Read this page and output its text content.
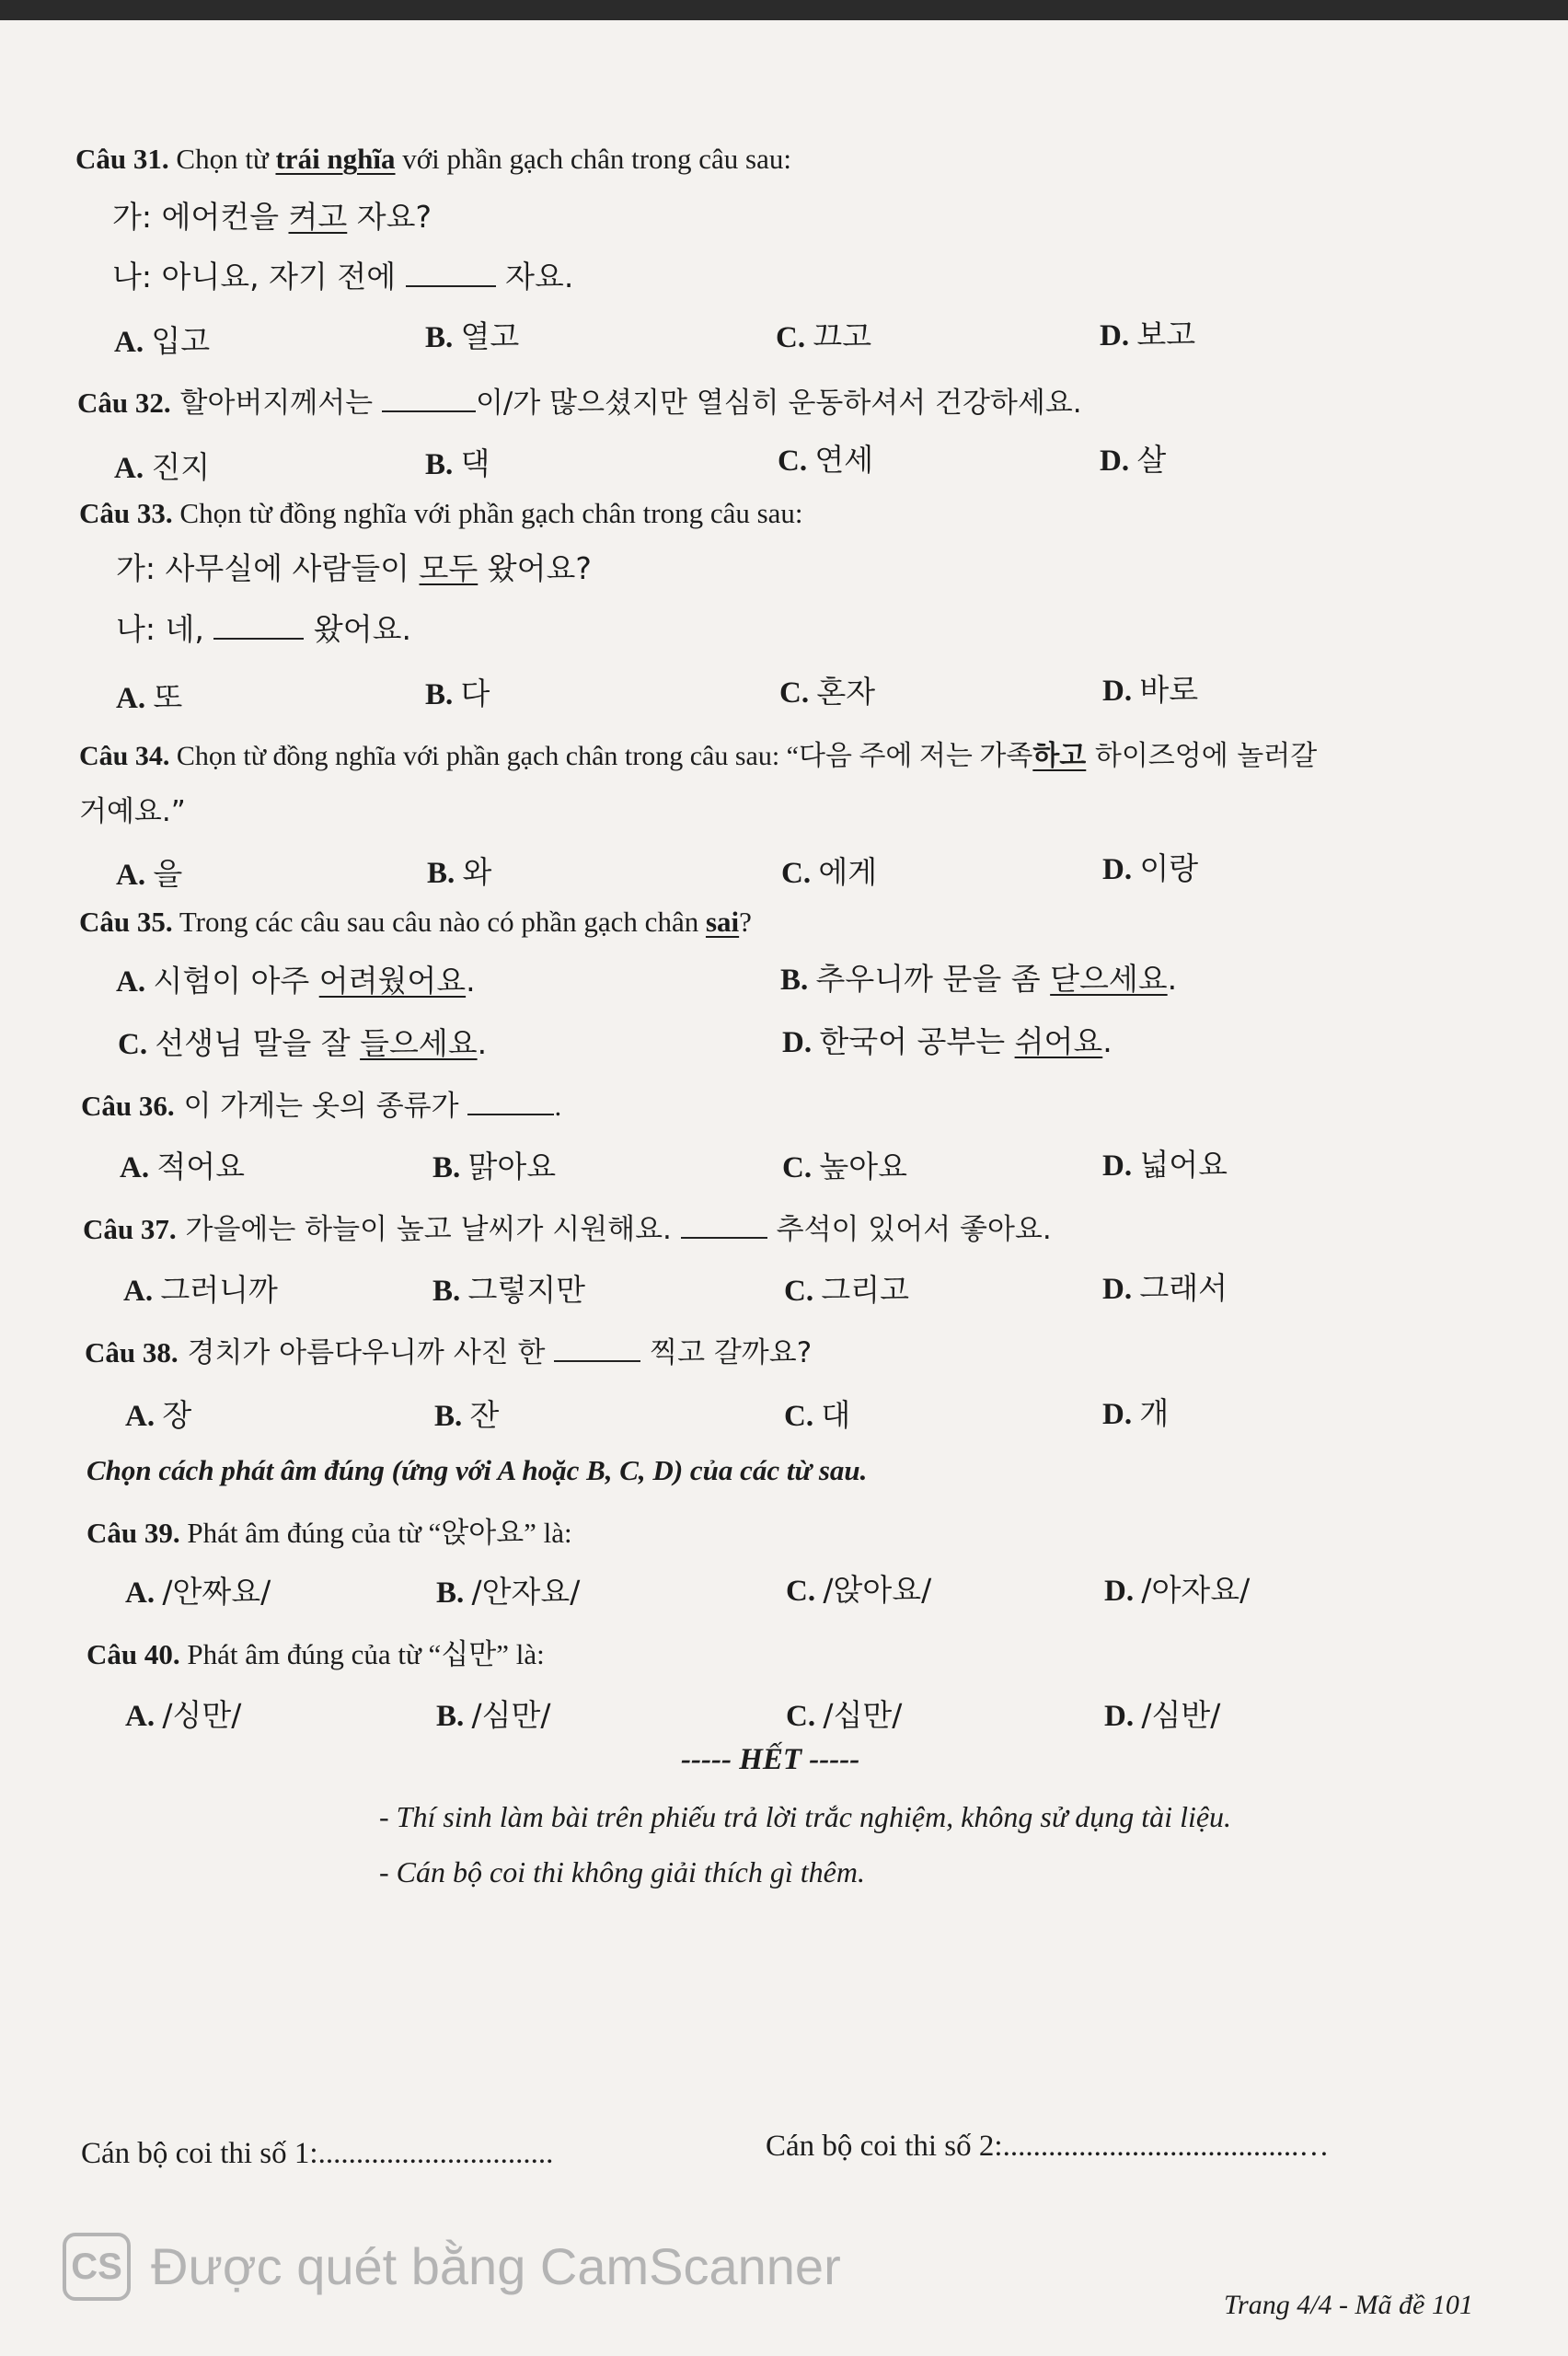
Câu 31. Chọn từ trái nghĩa với phần gạch chân trong câu sau:
가: 에어컨을 켜고 자요?
나: 아니요, 자기 전에	자요.
A. 입고	B. 열고	C. 끄고	D. 보고
Câu 32. 할아버지께서는	이/가 많으셨지만 열심히 운동하셔서 건강하세요.
A. 진지	B. 댁	C. 연세	D. 살
Câu 33. Chọn từ đồng nghĩa với phần gạch chân trong câu sau:
가: 사무실에 사람들이 모두 왔어요?
나: 네,	왔어요.
A. 또	B. 다	C. 혼자	D. 바로
Câu 34. Chọn từ đồng nghĩa với phần gạch chân trong câu sau: “다음 주에 저는 가족하고 하이즈엉에 놀러갈
거예요.”
A. 을	B. 와	C. 에게	D. 이랑
Câu 35. Trong các câu sau câu nào có phần gạch chân sai?
A. 시험이 아주 어려웠어요.	B. 추우니까 문을 좀 닫으세요.
C. 선생님 말을 잘 들으세요.	D. 한국어 공부는 쉬어요.
Câu 36. 이 가게는 옷의 종류가	.
A. 적어요	B. 맑아요	C. 높아요	D. 넓어요
Câu 37. 가을에는 하늘이 높고 날씨가 시원해요.	추석이 있어서 좋아요.
A. 그러니까	B. 그렇지만	C. 그리고	D. 그래서
Câu 38. 경치가 아름다우니까 사진 한	찍고 갈까요?
A. 장	B. 잔	C. 대	D. 개
Chọn cách phát âm đúng (ứng với A hoặc B, C, D) của các từ sau.
Câu 39. Phát âm đúng của từ “앉아요” là:
A. /안짜요/	B. /안자요/	C. /앉아요/	D. /아자요/
Câu 40. Phát âm đúng của từ “십만” là:
A. /싱만/	B. /심만/	C. /십만/	D. /심반/
----- HẾT -----
- Thí sinh làm bài trên phiếu trả lời trắc nghiệm, không sử dụng tài liệu.
- Cán bộ coi thi không giải thích gì thêm.
Cán bộ coi thi số 1:...............................	Cán bộ coi thi số 2:.......................................…
CS Được quét bằng CamScanner
Trang 4/4 - Mã đề 101
